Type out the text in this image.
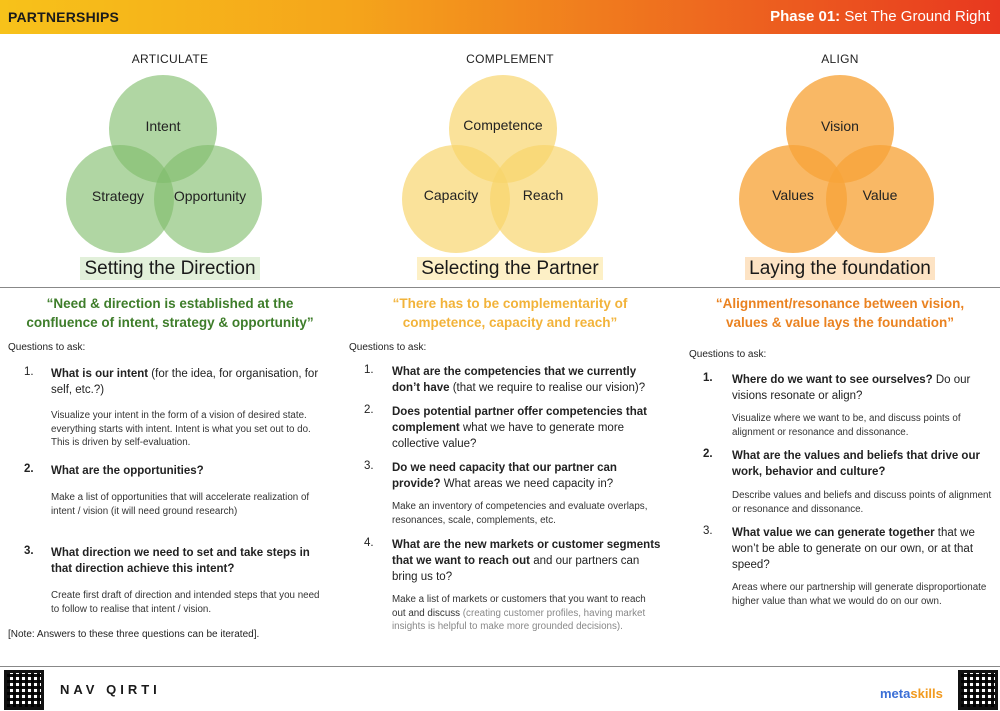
PARTNERSHIPS	Phase 01: Set The Ground Right
ARTICULATE
Intent
Strategy	Opportunity
Setting the Direction
“Need & direction is established at the confluence of intent, strategy & opportunity”
Questions to ask:
1. What is our intent (for the idea, for organisation, for self, etc.?)
Visualize your intent in the form of a vision of desired state. everything starts with intent. Intent is what you set out to do. This is driven by self-evaluation.
2. What are the opportunities?
Make a list of opportunities that will accelerate realization of intent / vision (it will need ground research)
3. What direction we need to set and take steps in that direction achieve this intent?
Create first draft of direction and intended steps that you need to follow to realise that intent / vision.
[Note: Answers to these three questions can be iterated].
COMPLEMENT
Competence
Capacity	Reach
Selecting the Partner
“There has to be complementarity of competence, capacity and reach”
Questions to ask:
1. What are the competencies that we currently don’t have (that we require to realise our vision)?
2. Does potential partner offer competencies that complement what we have to generate more collective value?
3. Do we need capacity that our partner can provide? What areas we need capacity in?
Make an inventory of competencies and evaluate overlaps, resonances, scale, complements, etc.
4. What are the new markets or customer segments that we want to reach out and our partners can bring us to?
Make a list of markets or customers that you want to reach out and discuss (creating customer profiles, having market insights is helpful to make more grounded decisions).
ALIGN
Vision
Values	Value
Laying the foundation
“Alignment/resonance between vision, values & value lays the foundation”
Questions to ask:
1. Where do we want to see ourselves? Do our visions resonate or align?
Visualize where we want to be, and discuss points of alignment or resonance and dissonance.
2. What are the values and beliefs that drive our work, behavior and culture?
Describe values and beliefs and discuss points of alignment or resonance and dissonance.
3. What value we can generate together that we won’t be able to generate on our own, or at that speed?
Areas where our partnership will generate disproportionate higher value than what we would do on our own.
NAV QIRTI	metaskills
